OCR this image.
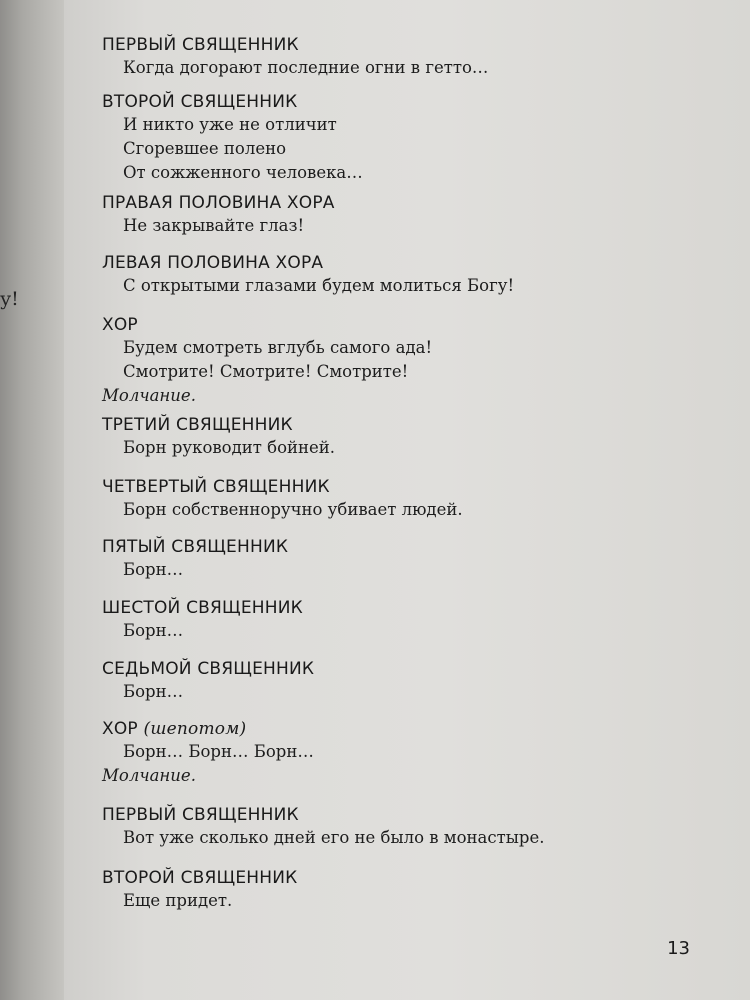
у!
ПЕРВЫЙ СВЯЩЕННИК
Когда догорают последние огни в гетто…
ВТОРОЙ СВЯЩЕННИК
И никто уже не отличит
Сгоревшее полено
От сожженного человека…
ПРАВАЯ ПОЛОВИНА ХОРА
Не закрывайте глаз!
ЛЕВАЯ ПОЛОВИНА ХОРА
С открытыми глазами будем молиться Богу!
ХОР
Будем смотреть вглубь самого ада!
Смотрите! Смотрите! Смотрите!
Молчание.
ТРЕТИЙ СВЯЩЕННИК
Борн руководит бойней.
ЧЕТВЕРТЫЙ СВЯЩЕННИК
Борн собственноручно убивает людей.
ПЯТЫЙ СВЯЩЕННИК
Борн…
ШЕСТОЙ СВЯЩЕННИК
Борн…
СЕДЬМОЙ СВЯЩЕННИК
Борн…
ХОР (шепотом)
Борн… Борн… Борн…
Молчание.
ПЕРВЫЙ СВЯЩЕННИК
Вот уже сколько дней его не было в монастыре.
ВТОРОЙ СВЯЩЕННИК
Еще придет.
13
